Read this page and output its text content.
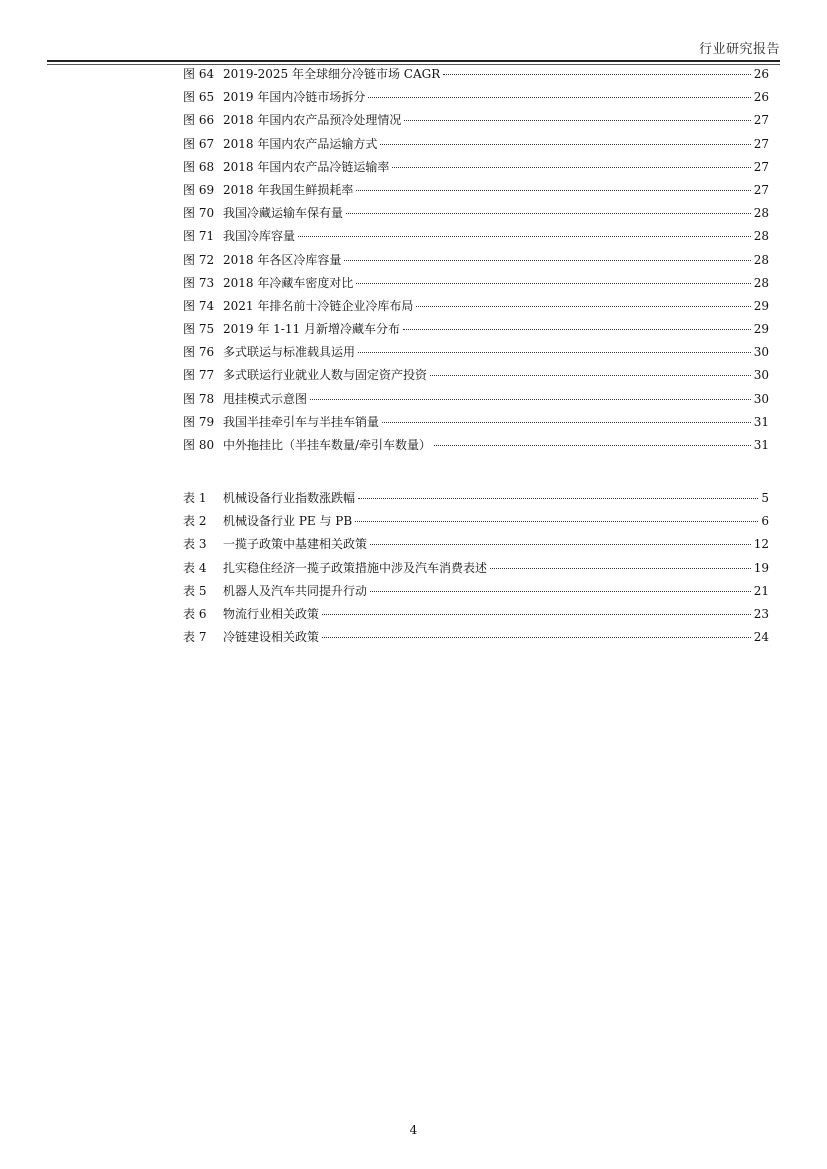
行业研究报告
图 64 2019-2025 年全球细分冷链市场 CAGR	26
图 65 2019 年国内冷链市场拆分	26
图 66 2018 年国内农产品预冷处理情况	27
图 67 2018 年国内农产品运输方式	27
图 68 2018 年国内农产品冷链运输率	27
图 69 2018 年我国生鲜损耗率	27
图 70 我国冷藏运输车保有量	28
图 71 我国冷库容量	28
图 72 2018 年各区冷库容量	28
图 73 2018 年冷藏车密度对比	28
图 74 2021 年排名前十冷链企业冷库布局	29
图 75 2019 年 1-11 月新增冷藏车分布	29
图 76 多式联运与标准载具运用	30
图 77 多式联运行业就业人数与固定资产投资	30
图 78 甩挂模式示意图	30
图 79 我国半挂牵引车与半挂车销量	31
图 80 中外拖挂比（半挂车数量/牵引车数量）	31
表 1	机械设备行业指数涨跌幅	5
表 2	机械设备行业 PE 与 PB	6
表 3	一揽子政策中基建相关政策	12
表 4	扎实稳住经济一揽子政策措施中涉及汽车消费表述	19
表 5	机器人及汽车共同提升行动	21
表 6	物流行业相关政策	23
表 7	冷链建设相关政策	24
4
